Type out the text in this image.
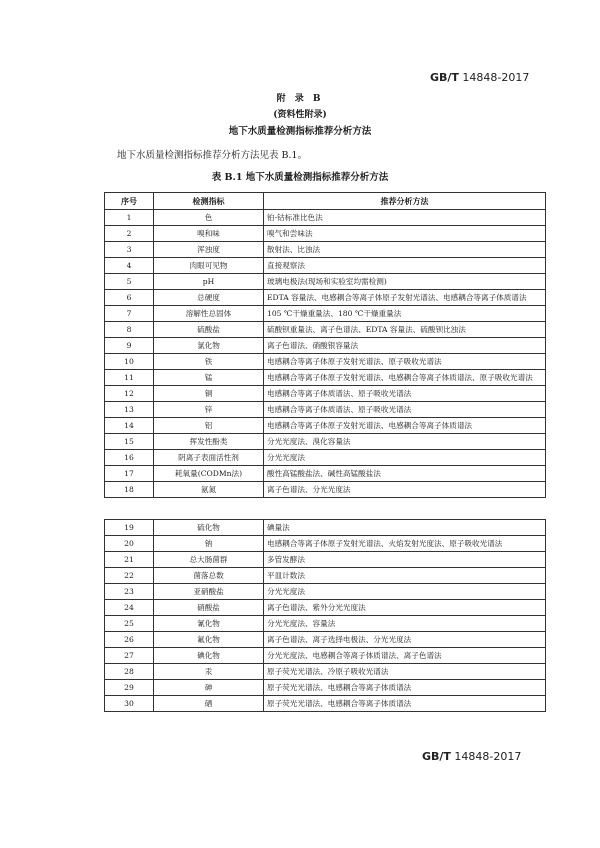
GB/T 14848-2017
附 录 B
(资料性附录)
地下水质量检测指标推荐分析方法
地下水质量检测指标推荐分析方法见表 B.1。
表 B.1 地下水质量检测指标推荐分析方法
序号	检测指标	推荐分析方法
1	色	铂-钴标准比色法
2	嗅和味	嗅气和尝味法
3	浑浊度	散射法、比浊法
4	肉眼可见物	直接观察法
5	pH	玻璃电极法(现场和实验室均需检测)
6	总硬度	EDTA 容量法、电感耦合等离子体原子发射光谱法、电感耦合等离子体质谱法
7	溶解性总固体	105 ℃干燥重量法、180 ℃干燥重量法
8	硫酸盐	硫酸钡重量法、离子色谱法、EDTA 容量法、硫酸钡比浊法
9	氯化物	离子色谱法、硝酸银容量法
10	铁	电感耦合等离子体原子发射光谱法、原子吸收光谱法
11	锰	电感耦合等离子体原子发射光谱法、电感耦合等离子体质谱法、原子吸收光谱法
12	铜	电感耦合等离子体质谱法、原子吸收光谱法
13	锌	电感耦合等离子体质谱法、原子吸收光谱法
14	铝	电感耦合等离子体原子发射光谱法、电感耦合等离子体质谱法
15	挥发性酚类	分光光度法、溴化容量法
16	阴离子表面活性剂	分光光度法
17	耗氧量(CODMn法)	酸性高锰酸盐法、碱性高锰酸盐法
18	氨氮	离子色谱法、分光光度法
19	硫化物	碘量法
20	钠	电感耦合等离子体原子发射光谱法、火焰发射光度法、原子吸收光谱法
21	总大肠菌群	多管发酵法
22	菌落总数	平皿计数法
23	亚硝酸盐	分光光度法
24	硝酸盐	离子色谱法、紫外分光光度法
25	氰化物	分光光度法、容量法
26	氟化物	离子色谱法、离子选择电极法、分光光度法
27	碘化物	分光光度法、电感耦合等离子体质谱法、离子色谱法
28	汞	原子荧光光谱法、冷原子吸收光谱法
29	砷	原子荧光光谱法、电感耦合等离子体质谱法
30	硒	原子荧光光谱法、电感耦合等离子体质谱法
GB/T 14848-2017
